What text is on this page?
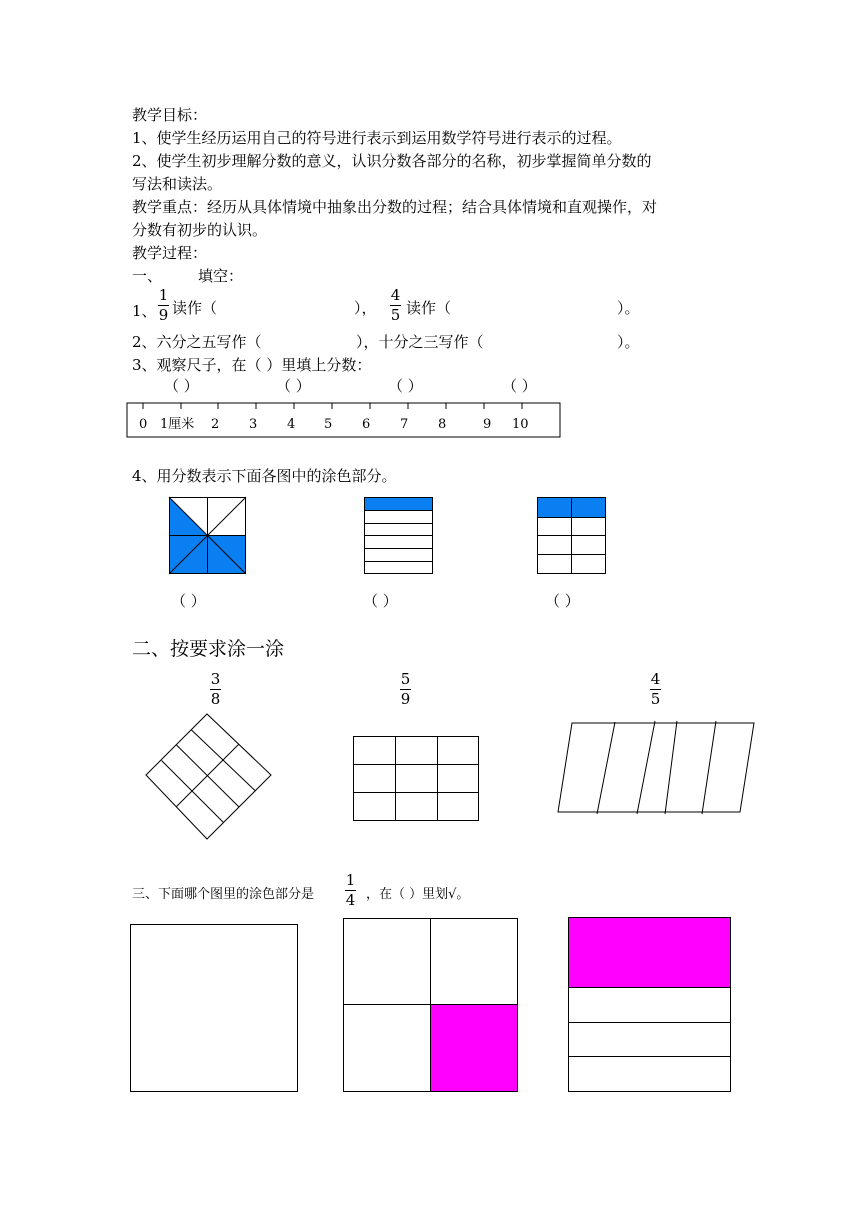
教学目标：
1、使学生经历运用自己的符号进行表示到运用数学符号进行表示的过程。
2、使学生初步理解分数的意义，认识分数各部分的名称，初步掌握简单分数的
写法和读法。
教学重点：经历从具体情境中抽象出分数的过程；结合具体情境和直观操作，对
分数有初步的认识。
教学过程：
一、 填空：
1、
1
9 读作（	），
4
5 读作（	）。
2、六分之五写作（	），十分之三写作（	）。
3、观察尺子，在（ ）里填上分数：
（ ）	（ ）	（ ）	（ ）
0 1厘米 2 3 4 5 6 7 8	9 10
4、用分数表示下面各图中的涂色部分。
（ ）	（ ）	（ ）
二、按要求涂一涂
3
8
5
9
4
5
三、下面哪个图里的涂色部分是
1
4 ，在（ ）里划√。
